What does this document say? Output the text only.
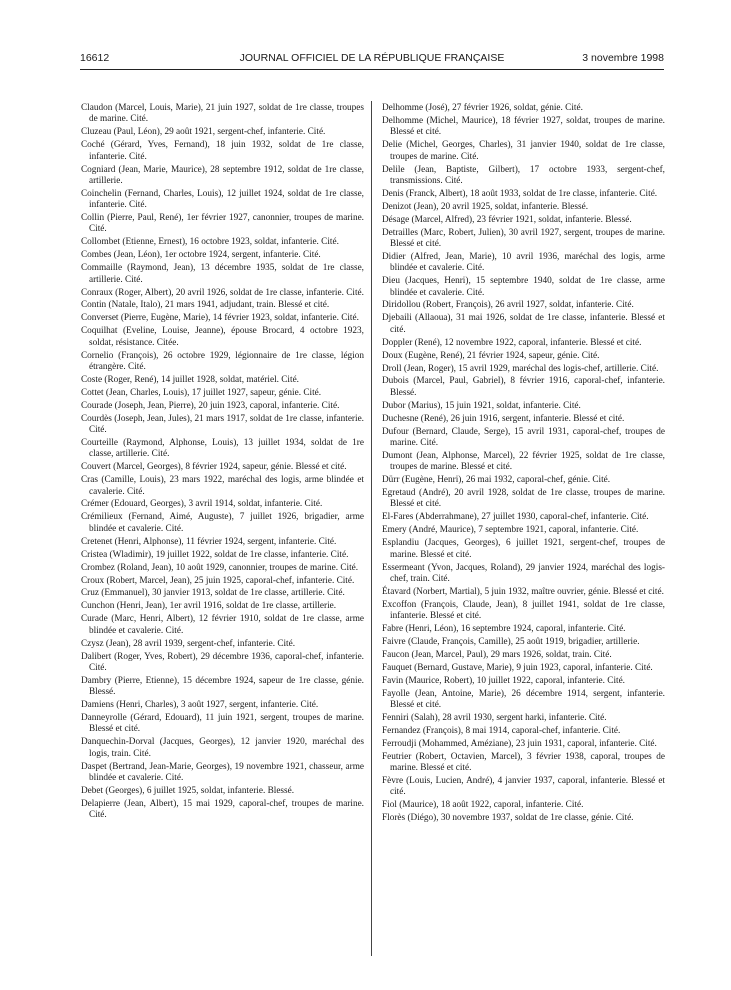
16612	JOURNAL OFFICIEL DE LA RÉPUBLIQUE FRANÇAISE	3 novembre 1998

Claudon (Marcel, Louis, Marie), 21 juin 1927, soldat de 1re classe, troupes de marine. Cité.

Cluzeau (Paul, Léon), 29 août 1921, sergent-chef, infanterie. Cité.

Coché (Gérard, Yves, Fernand), 18 juin 1932, soldat de 1re classe, infanterie. Cité.

Cogniard (Jean, Marie, Maurice), 28 septembre 1912, soldat de 1re classe, artillerie.

Coinchelin (Fernand, Charles, Louis), 12 juillet 1924, soldat de 1re classe, infanterie. Cité.

Collin (Pierre, Paul, René), 1er février 1927, canonnier, troupes de marine. Cité.

Collombet (Etienne, Ernest), 16 octobre 1923, soldat, infanterie. Cité.

Combes (Jean, Léon), 1er octobre 1924, sergent, infanterie. Cité.

Commaille (Raymond, Jean), 13 décembre 1935, soldat de 1re classe, artillerie. Cité.

Conraux (Roger, Albert), 20 avril 1926, soldat de 1re classe, infanterie. Cité.

Contin (Natale, Italo), 21 mars 1941, adjudant, train. Blessé et cité.

Converset (Pierre, Eugène, Marie), 14 février 1923, soldat, infanterie. Cité.

Coquilhat (Eveline, Louise, Jeanne), épouse Brocard, 4 octobre 1923, soldat, résistance. Citée.

Cornelio (François), 26 octobre 1929, légionnaire de 1re classe, légion étrangère. Cité.

Coste (Roger, René), 14 juillet 1928, soldat, matériel. Cité.

Cottet (Jean, Charles, Louis), 17 juillet 1927, sapeur, génie. Cité.

Courade (Joseph, Jean, Pierre), 20 juin 1923, caporal, infanterie. Cité.

Courdès (Joseph, Jean, Jules), 21 mars 1917, soldat de 1re classe, infanterie. Cité.

Courteille (Raymond, Alphonse, Louis), 13 juillet 1934, soldat de 1re classe, artillerie. Cité.

Couvert (Marcel, Georges), 8 février 1924, sapeur, génie. Blessé et cité.

Cras (Camille, Louis), 23 mars 1922, maréchal des logis, arme blindée et cavalerie. Cité.

Crémer (Edouard, Georges), 3 avril 1914, soldat, infanterie. Cité.

Crémilieux (Fernand, Aimé, Auguste), 7 juillet 1926, brigadier, arme blindée et cavalerie. Cité.

Cretenet (Henri, Alphonse), 11 février 1924, sergent, infanterie. Cité.

Cristea (Wladimir), 19 juillet 1922, soldat de 1re classe, infanterie. Cité.

Crombez (Roland, Jean), 10 août 1929, canonnier, troupes de marine. Cité.

Croux (Robert, Marcel, Jean), 25 juin 1925, caporal-chef, infanterie. Cité.

Cruz (Emmanuel), 30 janvier 1913, soldat de 1re classe, artillerie. Cité.

Cunchon (Henri, Jean), 1er avril 1916, soldat de 1re classe, artillerie.

Curade (Marc, Henri, Albert), 12 février 1910, soldat de 1re classe, arme blindée et cavalerie. Cité.

Czysz (Jean), 28 avril 1939, sergent-chef, infanterie. Cité.

Dalibert (Roger, Yves, Robert), 29 décembre 1936, caporal-chef, infanterie. Cité.

Dambry (Pierre, Etienne), 15 décembre 1924, sapeur de 1re classe, génie. Blessé.

Damiens (Henri, Charles), 3 août 1927, sergent, infanterie. Cité.

Danneyrolle (Gérard, Edouard), 11 juin 1921, sergent, troupes de marine. Blessé et cité.

Danquechin-Dorval (Jacques, Georges), 12 janvier 1920, maréchal des logis, train. Cité.

Daspet (Bertrand, Jean-Marie, Georges), 19 novembre 1921, chasseur, arme blindée et cavalerie. Cité.

Debet (Georges), 6 juillet 1925, soldat, infanterie. Blessé.

Delapierre (Jean, Albert), 15 mai 1929, caporal-chef, troupes de marine. Cité.

Delhomme (José), 27 février 1926, soldat, génie. Cité.

Delhomme (Michel, Maurice), 18 février 1927, soldat, troupes de marine. Blessé et cité.

Delie (Michel, Georges, Charles), 31 janvier 1940, soldat de 1re classe, troupes de marine. Cité.

Delile (Jean, Baptiste, Gilbert), 17 octobre 1933, sergent-chef, transmissions. Cité.

Denis (Franck, Albert), 18 août 1933, soldat de 1re classe, infanterie. Cité.

Denizot (Jean), 20 avril 1925, soldat, infanterie. Blessé.

Désage (Marcel, Alfred), 23 février 1921, soldat, infanterie. Blessé.

Detrailles (Marc, Robert, Julien), 30 avril 1927, sergent, troupes de marine. Blessé et cité.

Didier (Alfred, Jean, Marie), 10 avril 1936, maréchal des logis, arme blindée et cavalerie. Cité.

Dieu (Jacques, Henri), 15 septembre 1940, soldat de 1re classe, arme blindée et cavalerie. Cité.

Diridollou (Robert, François), 26 avril 1927, soldat, infanterie. Cité.

Djebaili (Allaoua), 31 mai 1926, soldat de 1re classe, infanterie. Blessé et cité.

Doppler (René), 12 novembre 1922, caporal, infanterie. Blessé et cité.

Doux (Eugène, René), 21 février 1924, sapeur, génie. Cité.

Droll (Jean, Roger), 15 avril 1929, maréchal des logis-chef, artillerie. Cité.

Dubois (Marcel, Paul, Gabriel), 8 février 1916, caporal-chef, infanterie. Blessé.

Dubor (Marius), 15 juin 1921, soldat, infanterie. Cité.

Duchesne (René), 26 juin 1916, sergent, infanterie. Blessé et cité.

Dufour (Bernard, Claude, Serge), 15 avril 1931, caporal-chef, troupes de marine. Cité.

Dumont (Jean, Alphonse, Marcel), 22 février 1925, soldat de 1re classe, troupes de marine. Blessé et cité.

Dürr (Eugène, Henri), 26 mai 1932, caporal-chef, génie. Cité.

Egretaud (André), 20 avril 1928, soldat de 1re classe, troupes de marine. Blessé et cité.

El-Fares (Abderrahmane), 27 juillet 1930, caporal-chef, infanterie. Cité.

Emery (André, Maurice), 7 septembre 1921, caporal, infanterie. Cité.

Esplandiu (Jacques, Georges), 6 juillet 1921, sergent-chef, troupes de marine. Blessé et cité.

Essermeant (Yvon, Jacques, Roland), 29 janvier 1924, maréchal des logis-chef, train. Cité.

Étavard (Norbert, Martial), 5 juin 1932, maître ouvrier, génie. Blessé et cité.

Excoffon (François, Claude, Jean), 8 juillet 1941, soldat de 1re classe, infanterie. Blessé et cité.

Fabre (Henri, Léon), 16 septembre 1924, caporal, infanterie. Cité.

Faivre (Claude, François, Camille), 25 août 1919, brigadier, artillerie.

Faucon (Jean, Marcel, Paul), 29 mars 1926, soldat, train. Cité.

Fauquet (Bernard, Gustave, Marie), 9 juin 1923, caporal, infanterie. Cité.

Favin (Maurice, Robert), 10 juillet 1922, caporal, infanterie. Cité.

Fayolle (Jean, Antoine, Marie), 26 décembre 1914, sergent, infanterie. Blessé et cité.

Fenniri (Salah), 28 avril 1930, sergent harki, infanterie. Cité.

Fernandez (François), 8 mai 1914, caporal-chef, infanterie. Cité.

Ferroudji (Mohammed, Améziane), 23 juin 1931, caporal, infanterie. Cité.

Feutrier (Robert, Octavien, Marcel), 3 février 1938, caporal, troupes de marine. Blessé et cité.

Fèvre (Louis, Lucien, André), 4 janvier 1937, caporal, infanterie. Blessé et cité.

Fiol (Maurice), 18 août 1922, caporal, infanterie. Cité.

Florès (Diégo), 30 novembre 1937, soldat de 1re classe, génie. Cité.
